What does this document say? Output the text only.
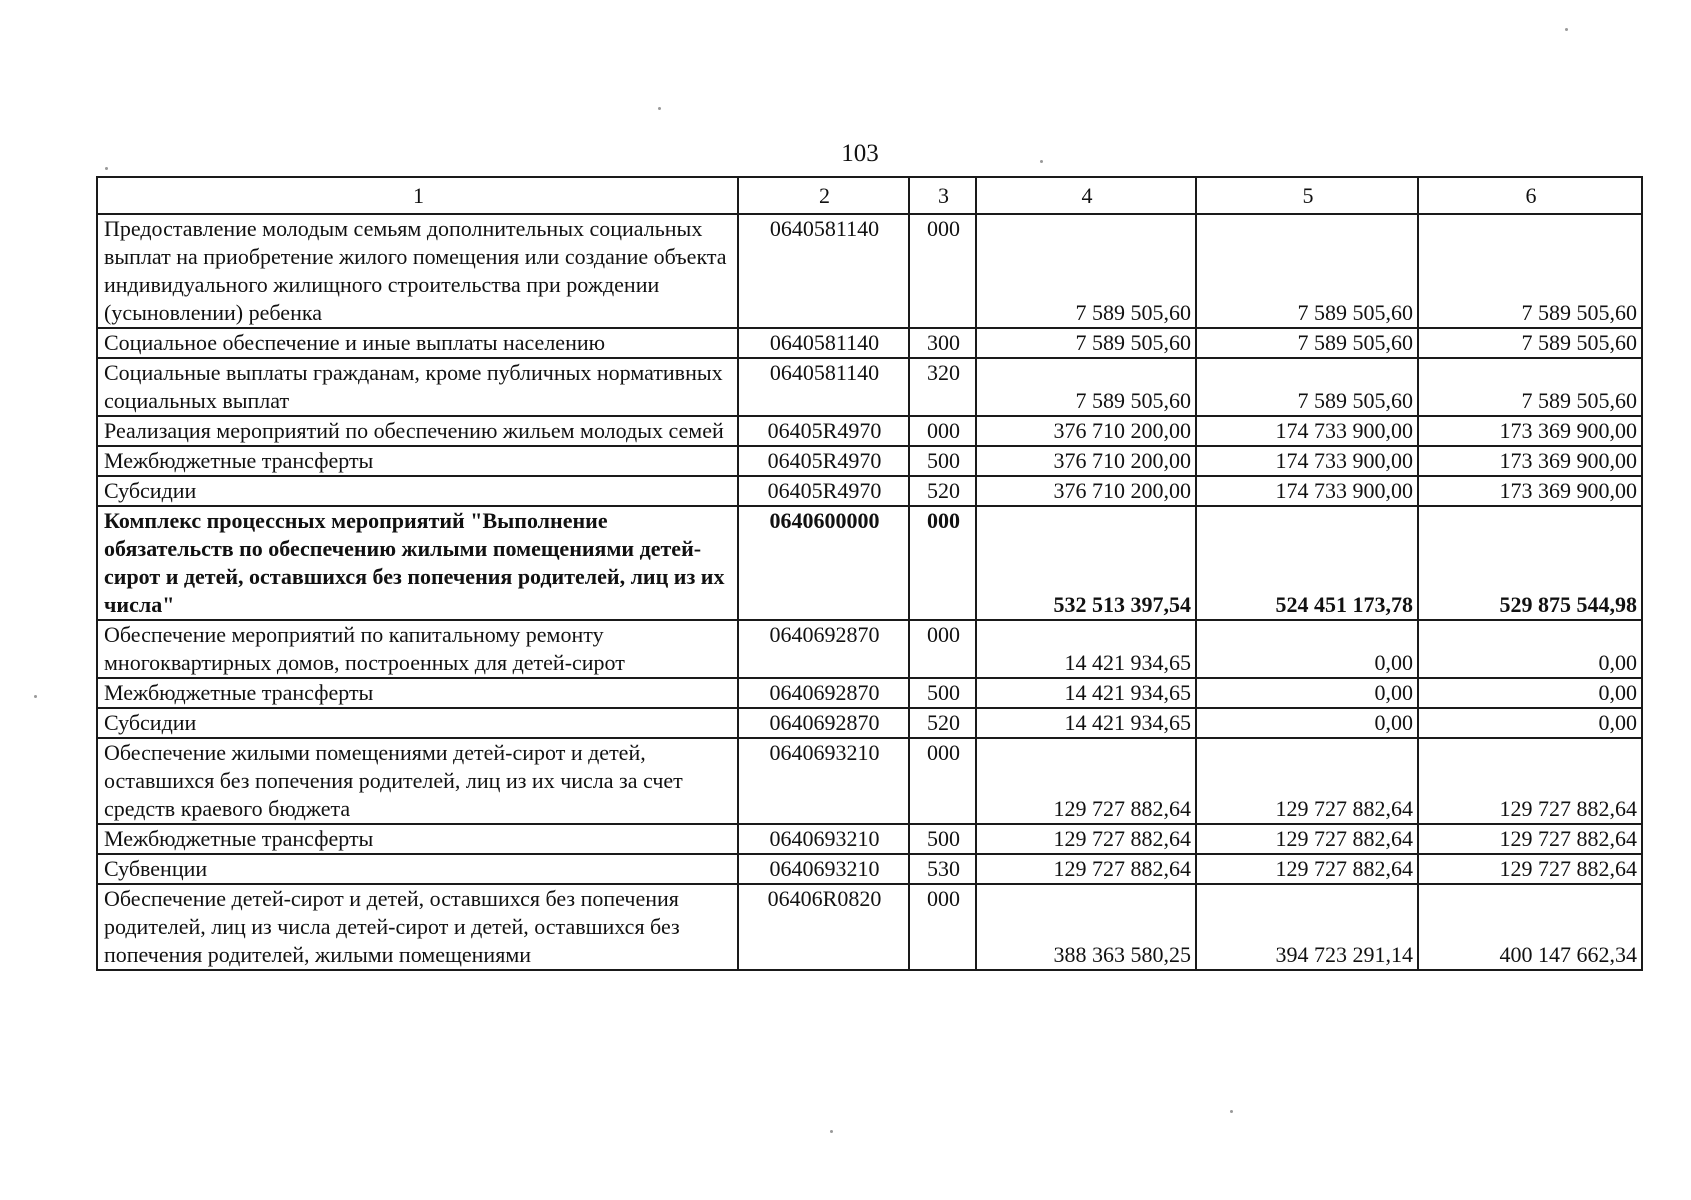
103
1	2	3	4	5	6
Предоставление молодым семьям дополнительных социальных выплат на приобретение жилого помещения или создание объекта индивидуального жилищного строительства при рождении (усыновлении) ребенка	0640581140	000	7 589 505,60	7 589 505,60	7 589 505,60
Социальное обеспечение и иные выплаты населению	0640581140	300	7 589 505,60	7 589 505,60	7 589 505,60
Социальные выплаты гражданам, кроме публичных нормативных социальных выплат	0640581140	320	7 589 505,60	7 589 505,60	7 589 505,60
Реализация мероприятий по обеспечению жильем молодых семей	06405R4970	000	376 710 200,00	174 733 900,00	173 369 900,00
Межбюджетные трансферты	06405R4970	500	376 710 200,00	174 733 900,00	173 369 900,00
Субсидии	06405R4970	520	376 710 200,00	174 733 900,00	173 369 900,00
Комплекс процессных мероприятий "Выполнение обязательств по обеспечению жилыми помещениями детей-сирот и детей, оставшихся без попечения родителей, лиц из их числа"	0640600000	000	532 513 397,54	524 451 173,78	529 875 544,98
Обеспечение мероприятий по капитальному ремонту многоквартирных домов, построенных для детей-сирот	0640692870	000	14 421 934,65	0,00	0,00
Межбюджетные трансферты	0640692870	500	14 421 934,65	0,00	0,00
Субсидии	0640692870	520	14 421 934,65	0,00	0,00
Обеспечение жилыми помещениями детей-сирот и детей, оставшихся без попечения родителей, лиц из их числа за счет средств краевого бюджета	0640693210	000	129 727 882,64	129 727 882,64	129 727 882,64
Межбюджетные трансферты	0640693210	500	129 727 882,64	129 727 882,64	129 727 882,64
Субвенции	0640693210	530	129 727 882,64	129 727 882,64	129 727 882,64
Обеспечение детей-сирот и детей, оставшихся без попечения родителей, лиц из числа детей-сирот и детей, оставшихся без попечения родителей, жилыми помещениями	06406R0820	000	388 363 580,25	394 723 291,14	400 147 662,34
